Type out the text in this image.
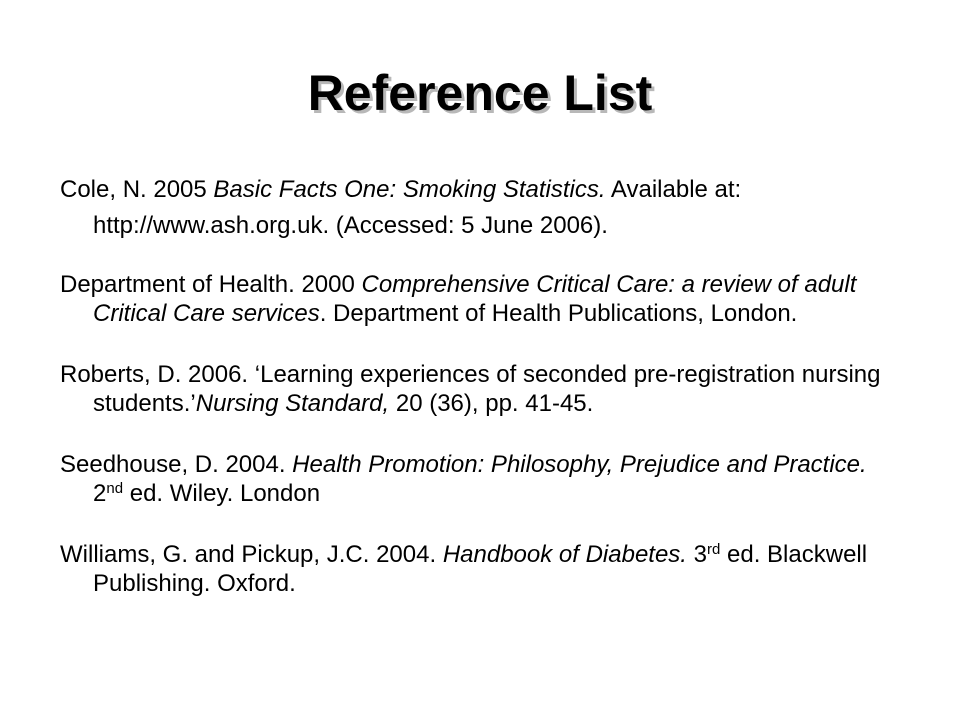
Reference List

Cole, N. 2005 Basic Facts One: Smoking Statistics. Available at: http://www.ash.org.uk. (Accessed: 5 June 2006).

Department of Health. 2000 Comprehensive Critical Care: a review of adult Critical Care services. Department of Health Publications, London.

Roberts, D. 2006. ‘Learning experiences of seconded pre-registration nursing students.’Nursing Standard, 20 (36), pp. 41-45.

Seedhouse, D. 2004. Health Promotion: Philosophy, Prejudice and Practice. 2nd ed. Wiley. London

Williams, G. and Pickup, J.C. 2004. Handbook of Diabetes. 3rd ed. Blackwell Publishing. Oxford.
